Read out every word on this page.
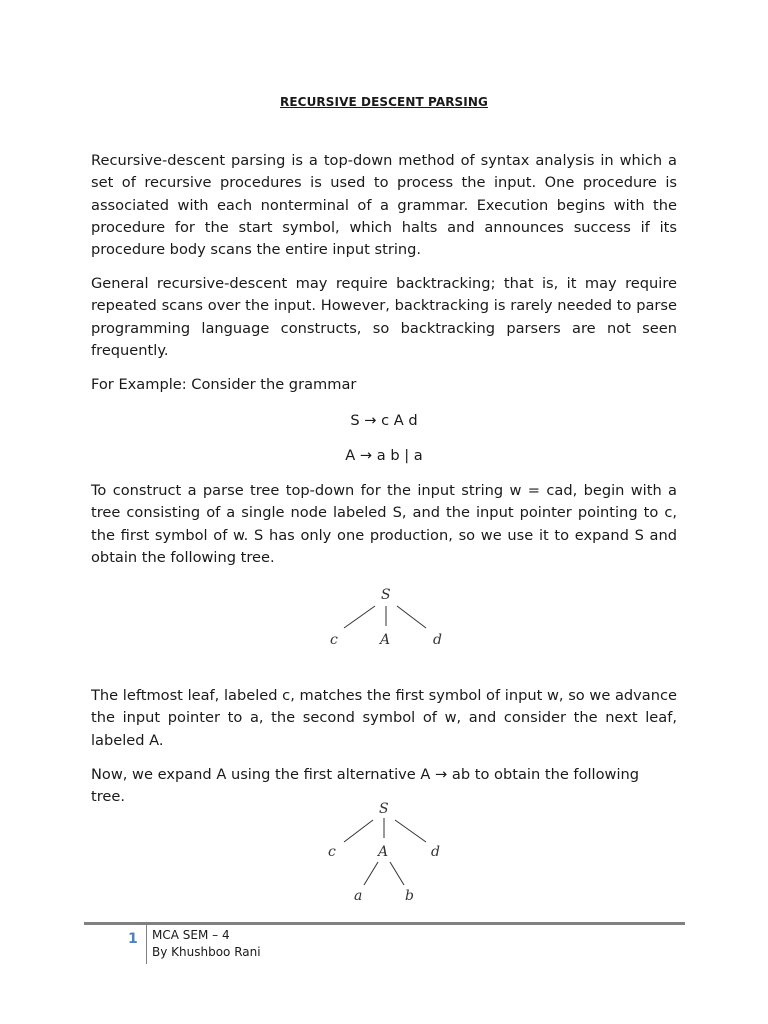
RECURSIVE DESCENT PARSING

Recursive-descent parsing is a top-down method of syntax analysis in which a set of recursive procedures is used to process the input. One procedure is associated with each nonterminal of a grammar. Execution begins with the procedure for the start symbol, which halts and announces success if its procedure body scans the entire input string.

General recursive-descent may require backtracking; that is, it may require repeated scans over the input. However, backtracking is rarely needed to parse programming language constructs, so backtracking parsers are not seen frequently.

For Example: Consider the grammar

S → c A d
A → a b | a

To construct a parse tree top-down for the input string w = cad, begin with a tree consisting of a single node labeled S, and the input pointer pointing to c, the first symbol of w. S has only one production, so we use it to expand S and obtain the following tree.

S
c	A	d

The leftmost leaf, labeled c, matches the first symbol of input w, so we advance the input pointer to a, the second symbol of w, and consider the next leaf, labeled A.

Now, we expand A using the first alternative A → ab to obtain the following tree.

S
c	A	d
a	b
1 MCA SEM – 4
By Khushboo Rani
